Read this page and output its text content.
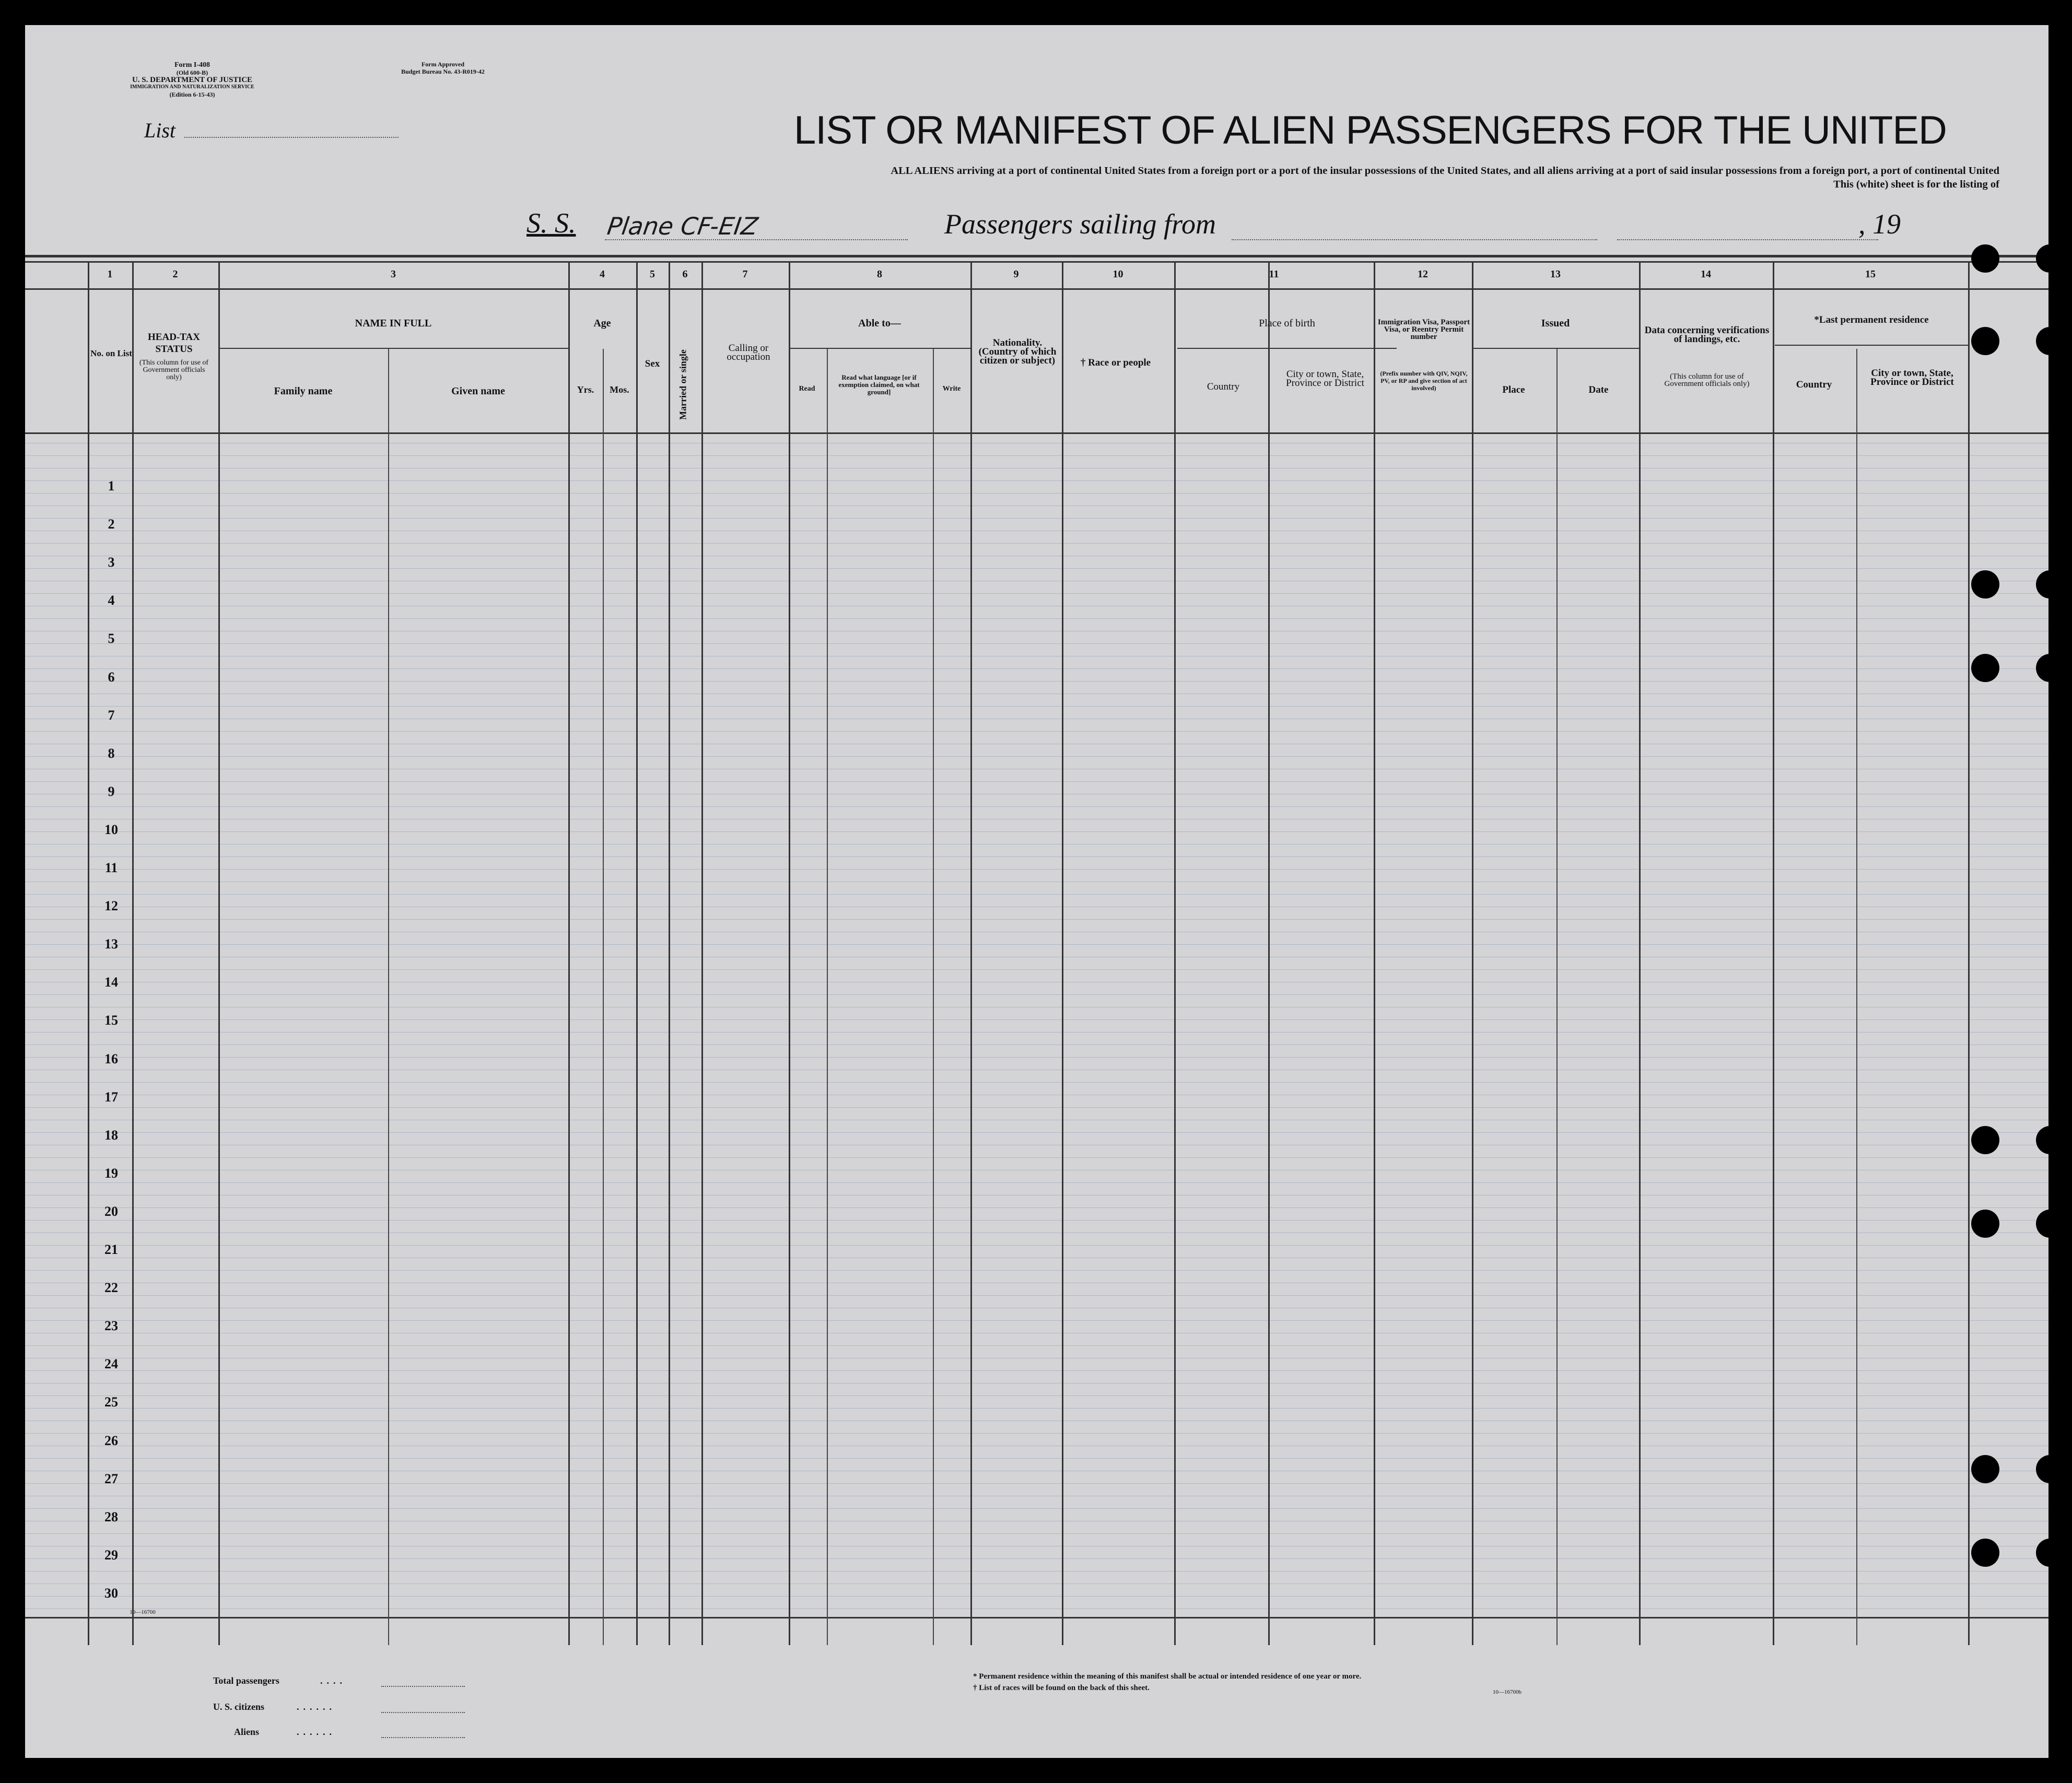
Form I-408
(Old 600-B)
U. S. DEPARTMENT OF JUSTICE
IMMIGRATION AND NATURALIZATION SERVICE
(Edition 6-15-43)
Form Approved
Budget Bureau No. 43-R019-42
List	LIST OR MANIFEST OF ALIEN PASSENGERS FOR THE UNITED
ALL ALIENS arriving at a port of continental United States from a foreign port or a port of the insular possessions of the United States, and all aliens arriving at a port of said insular possessions from a foreign port, a port of continental United
This (white) sheet is for the listing of
S. S. Plane CF-EIZ	Passengers sailing from	, 19
1	2	3	4	5	6	7	8	9	10	11	12	13	14	15
No. on List
HEAD-TAX STATUS
(This column for use of Government officials only)
NAME IN FULL
Family name	Given name
Age
Yrs.	Mos.
Sex	Married or single
Calling or occupation
Able to—
Read
Read what language [or if exemption claimed, on what ground]	Write
Nationality. (Country of which citizen or subject)	† Race or people
Place of birth
Country
City or town, State, Province or District
Immigration Visa, Passport Visa, or Reentry Permit number
(Prefix number with QIV, NQIV, PV, or RP and give section of act involved)
Issued
Place	Date
Data concerning verifications of landings, etc.
(This column for use of Government officials only)
*Last permanent residence
Country
City or town, State, Province or District
1
2
3
4
5
6
7
8
9
10
11
12
13
14
15
16
17
18
19
20
21
22
23
24
25
26
27
28
29
30
10—16700
Total passengers	....
U. S. citizens	......
Aliens	......
* Permanent residence within the meaning of this manifest shall be actual or intended residence of one year or more.
† List of races will be found on the back of this sheet.	10—16700b
